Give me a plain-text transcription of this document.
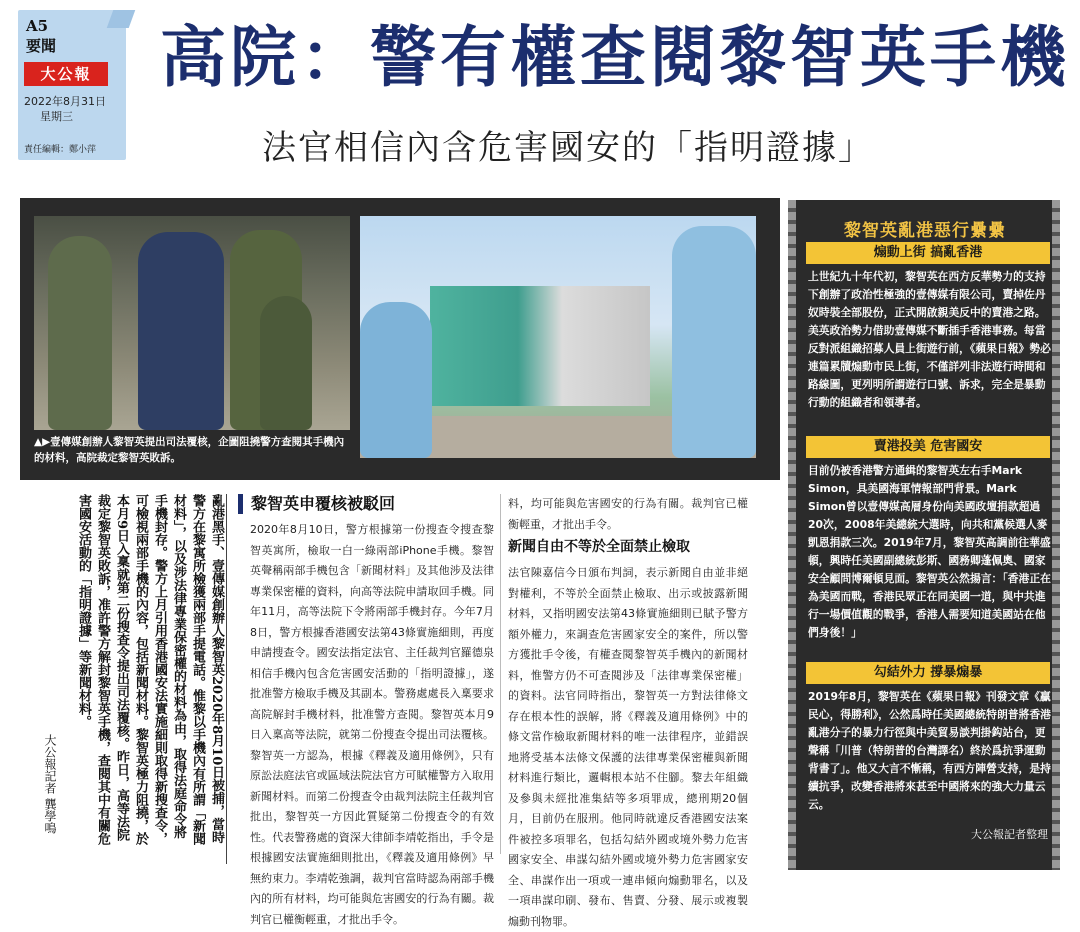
A5
要聞
大公報
2022年8月31日
星期三
責任編輯：鄭小萍
高院：警有權查閱黎智英手機
法官相信內含危害國安的「指明證據」
▲▶壹傳媒創辦人黎智英提出司法覆核，企圖阻撓警方查閱其手機內的材料，高院裁定黎智英敗訴。
亂港黑手、壹傳媒創辦人黎智英2020年8月10日被捕，當時警方在黎寓所檢獲兩部手提電話。惟黎以手機內有所謂「新聞材料」，以及涉法律專業保密權的材料為由，取得法庭命令將手機封存。警方上月引用香港國安法實施細則取得新搜查令，可檢視兩部手機的內容，包括新聞材料。黎智英極力阻撓，於本月9日入稟就第二份搜查令提出司法覆核。昨日，高等法院裁定黎智英敗訴，准許警方解封黎智英手機，查閱其中有關危害國安活動的「指明證據」等新聞材料。
大公報記者 龔學鳴
黎智英申覆核被駁回
2020年8月10日，警方根據第一份搜查令搜查黎智英寓所，檢取一白一綠兩部iPhone手機。黎智英聲稱兩部手機包含「新聞材料」及其他涉及法律專業保密權的資料，向高等法院申請取回手機。同年11月，高等法院下令將兩部手機封存。今年7月8日，警方根據香港國安法第43條實施細則，再度申請搜查令。國安法指定法官、主任裁判官羅德泉相信手機內包含危害國安活動的「指明證據」，遂批准警方檢取手機及其副本。警務處處長入稟要求高院解封手機材料，批准警方查閱。黎智英本月9日入稟高等法院，就第二份搜查令提出司法覆核。黎智英一方認為，根據《釋義及適用條例》，只有原訟法庭法官或區域法院法官方可賦權警方入取用新聞材料。而第二份搜查令由裁判法院主任裁判官批出，黎智英一方因此質疑第二份搜查令的有效性。代表警務處的資深大律師李靖乾指出，手令是根據國安法實施細則批出，《釋義及適用條例》早無約束力。李靖乾強調，裁判官當時認為兩部手機內的所有材料，均可能與危害國安的行為有關。裁判官已權衡輕重，才批出手令。
料，均可能與危害國安的行為有關。裁判官已權衡輕重，才批出手令。
新聞自由不等於全面禁止檢取
法官陳嘉信今日頒布判詞，表示新聞自由並非絕對權利，不等於全面禁止檢取、出示或披露新聞材料，又指明國安法第43條實施細則已賦予警方額外權力，來調查危害國家安全的案件，所以警方獲批手令後，有權查閱黎智英手機內的新聞材料，惟警方仍不可查閱涉及「法律專業保密權」的資料。法官同時指出，黎智英一方對法律條文存在根本性的誤解，將《釋義及適用條例》中的條文當作檢取新聞材料的唯一法律程序，並錯誤地將受基本法條文保護的法律專業保密權與新聞材料進行類比，邏輯根本站不住腳。黎去年組織及參與未經批准集結等多項罪成，總刑期20個月，目前仍在服刑。他同時就違反香港國安法案件被控多項罪名，包括勾結外國或境外勢力危害國家安全、串謀勾結外國或境外勢力危害國家安全、串謀作出一項或一連串傾向煽動罪名，以及一項串謀印刷、發布、售賣、分發、展示或複製煽動刊物罪。
黎智英亂港惡行纍纍
煽動上街 搞亂香港
上世紀九十年代初，黎智英在西方反華勢力的支持下創辦了政治性極強的壹傳媒有限公司，賣掉佐丹奴時裝全部股份，正式開啟親美反中的賣港之路。美英政治勢力借助壹傳媒不斷插手香港事務。每當反對派組織招募人員上街遊行前，《蘋果日報》勢必連篇累牘煽動市民上街，不僅詳列非法遊行時間和路線圖，更列明所謂遊行口號、訴求，完全是暴動行動的組織者和領導者。
賣港投美 危害國安
目前仍被香港警方通緝的黎智英左右手Mark Simon，具美國海軍情報部門背景。Mark Simon曾以壹傳媒高層身份向美國政壇捐款超過20次，2008年美總統大選時，向共和黨候選人麥凱恩捐款三次。2019年7月，黎智英高調前往華盛頓，興時任美國副總統彭斯、國務卿蓬佩奧、國家安全顧問博爾頓見面。黎智英公然揚言：「香港正在為美國而戰，香港民眾正在同美國一道，與中共進行一場價值觀的戰爭，香港人需要知道美國站在他們身後！」
勾結外力 撐暴煽暴
2019年8月，黎智英在《蘋果日報》刊發文章《贏民心，得勝利》，公然爲時任美國總統特朗普將香港亂港分子的暴力行徑與中美貿易談判掛鈎站台，更聲稱「川普（特朗普的台灣譯名）終於爲抗爭運動背書了」。他又大言不慚稱，有西方陣營支持，是持續抗爭，改變香港將來甚至中國將來的強大力量云云。
大公報記者整理
